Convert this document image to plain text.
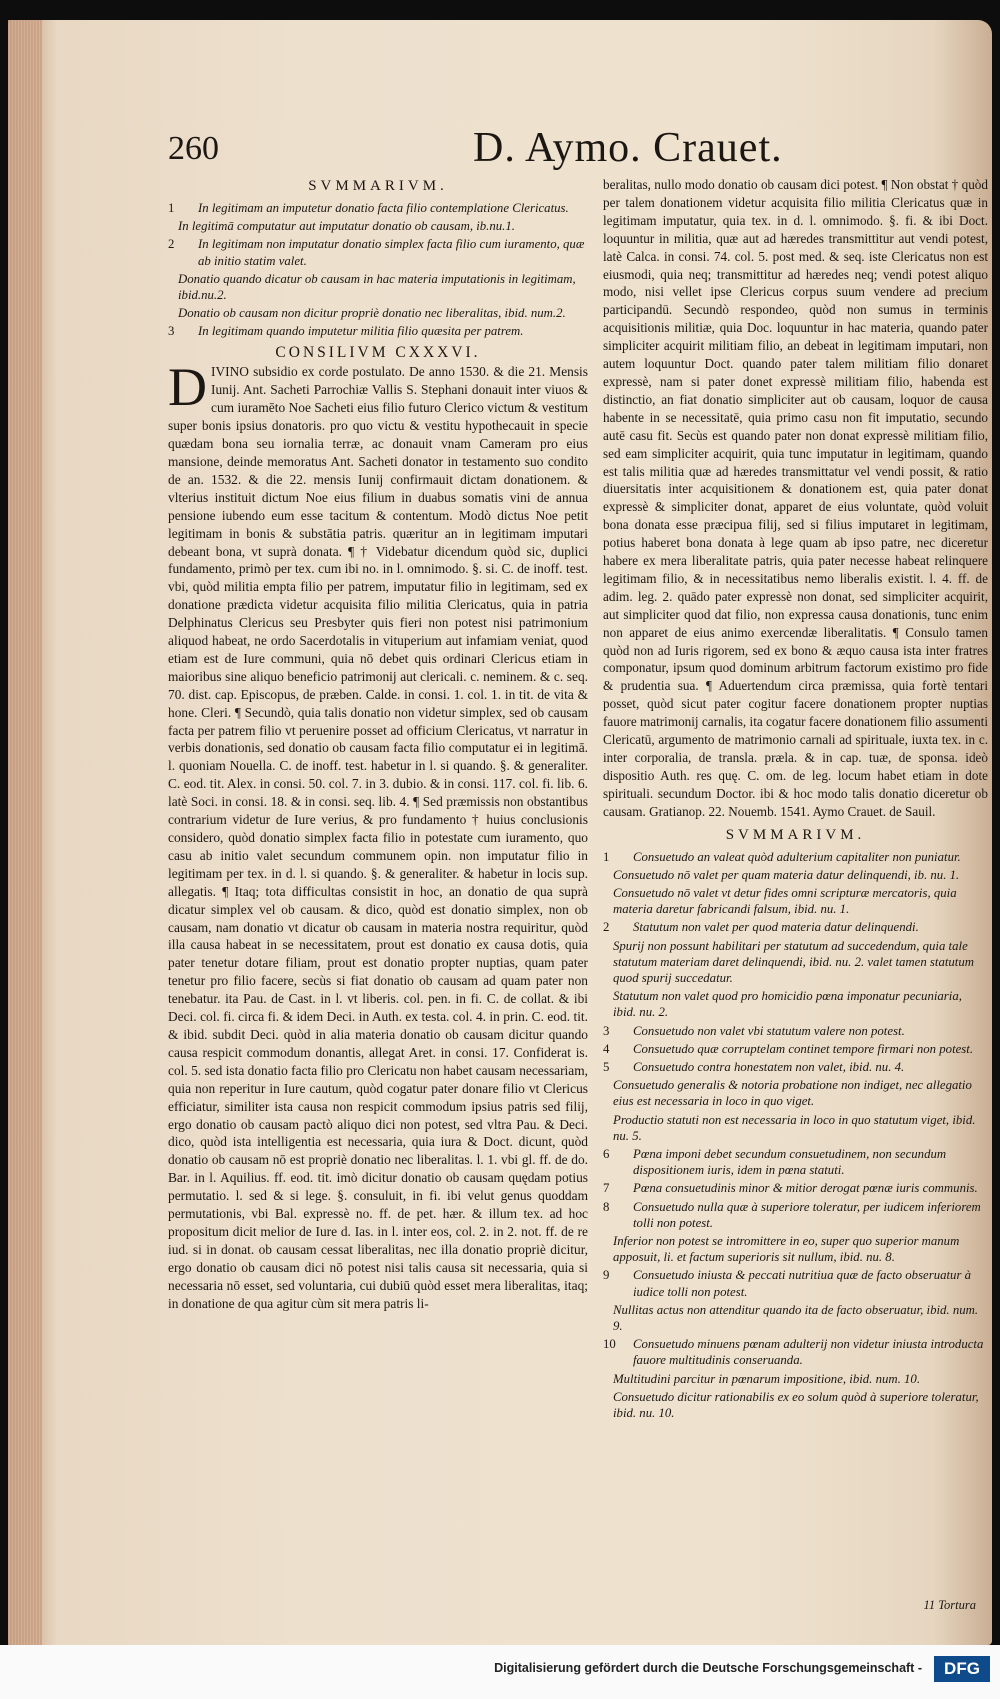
260	D. Aymo. Crauet.
SVMMARIVM.
1 In legitimam an imputetur donatio facta filio contemplatione Clericatus.
In legitimā computatur aut imputatur donatio ob causam, ib.nu.1.
2 In legitimam non imputatur donatio simplex facta filio cum iuramento, quæ ab initio statim valet.
Donatio quando dicatur ob causam in hac materia imputationis in legitimam, ibid.nu.2.
Donatio ob causam non dicitur propriè donatio nec liberalitas, ibid. num.2.
3 In legitimam quando imputetur militia filio quæsita per patrem.
CONSILIVM CXXXVI.
D IVINO subsidio ex corde postulato. De anno 1530. & die 21. Mensis Iunij. Ant. Sacheti Parrochiæ Vallis S. Stephani donauit inter viuos & cum iuramēto Noe Sacheti eius filio futuro Clerico victum & vestitum super bonis ipsius donatoris. pro quo victu & vestitu hypothecauit in specie quædam bona seu iornalia terræ, ac donauit vnam Cameram pro eius mansione, deinde memoratus Ant. Sacheti donator in testamento suo condito de an. 1532. & die 22. mensis Iunij confirmauit dictam donationem. & vlterius instituit dictum Noe eius filium in duabus somatis vini de annua pensione iubendo eum esse tacitum & contentum. Modò dictus Noe petit legitimam in bonis & substātia patris. quæritur an in legitimam imputari debeant bona, vt suprà donata. ¶ † Videbatur dicendum quòd sic, duplici fundamento, primò per tex. cum ibi no. in l. omnimodo. §. si. C. de inoff. test. vbi, quòd militia empta filio per patrem, imputatur filio in legitimam, sed ex donatione prædicta videtur acquisita filio militia Clericatus, quia in patria Delphinatus Clericus seu Presbyter quis fieri non potest nisi patrimonium aliquod habeat, ne ordo Sacerdotalis in vituperium aut infamiam veniat, quod etiam est de Iure communi, quia nō debet quis ordinari Clericus etiam in maioribus sine aliquo beneficio patrimonij aut clericali. c. neminem. & c. seq. 70. dist. cap. Episcopus, de præben. Calde. in consi. 1. col. 1. in tit. de vita & hone. Cleri. ¶ Secundò, quia talis donatio non videtur simplex, sed ob causam facta per patrem filio vt peruenire posset ad officium Clericatus, vt narratur in verbis donationis, sed donatio ob causam facta filio computatur ei in legitimā. l. quoniam Nouella. C. de inoff. test. habetur in l. si quando. §. & generaliter. C. eod. tit. Alex. in consi. 50. col. 7. in 3. dubio. & in consi. 117. col. fi. lib. 6. latè Soci. in consi. 18. & in consi. seq. lib. 4. ¶ Sed præmissis non obstantibus contrarium videtur de Iure verius, & pro fundamento † huius conclusionis considero, quòd donatio simplex facta filio in potestate cum iuramento, quo casu ab initio valet secundum communem opin. non imputatur filio in legitimam per tex. in d. l. si quando. §. & generaliter. & habetur in locis sup. allegatis. ¶ Itaq; tota difficultas consistit in hoc, an donatio de qua suprà dicatur simplex vel ob causam. & dico, quòd est donatio simplex, non ob causam, nam donatio vt dicatur ob causam in materia nostra requiritur, quòd illa causa habeat in se necessitatem, prout est donatio ex causa dotis, quia pater tenetur dotare filiam, prout est donatio propter nuptias, quam pater tenetur pro filio facere, secùs si fiat donatio ob causam ad quam pater non tenebatur. ita Pau. de Cast. in l. vt liberis. col. pen. in fi. C. de collat. & ibi Deci. col. fi. circa fi. & idem Deci. in Auth. ex testa. col. 4. in prin. C. eod. tit. & ibid. subdit Deci. quòd in alia materia donatio ob causam dicitur quando causa respicit commodum donantis, allegat Aret. in consi. 17. Confiderat is. col. 5. sed ista donatio facta filio pro Clericatu non habet causam necessariam, quia non reperitur in Iure cautum, quòd cogatur pater donare filio vt Clericus efficiatur, similiter ista causa non respicit commodum ipsius patris sed filij, ergo donatio ob causam pactò aliquo dici non potest, sed vltra Pau. & Deci. dico, quòd ista intelligentia est necessaria, quia iura & Doct. dicunt, quòd donatio ob causam nō est propriè donatio nec liberalitas. l. 1. vbi gl. ff. de do. Bar. in l. Aquilius. ff. eod. tit. imò dicitur donatio ob causam quędam potius permutatio. l. sed & si lege. §. consuluit, in fi. ibi velut genus quoddam permutationis, vbi Bal. expressè no. ff. de pet. hær. & illum tex. ad hoc propositum dicit melior de Iure d. Ias. in l. inter eos, col. 2. in 2. not. ff. de re iud. si in donat. ob causam cessat liberalitas, nec illa donatio propriè dicitur, ergo donatio ob causam dici nō potest nisi talis causa sit necessaria, quia si necessaria nō esset, sed voluntaria, cui dubiū quòd esset mera liberalitas, itaq; in donatione de qua agitur cùm sit mera patris li-
beralitas, nullo modo donatio ob causam dici potest. ¶ Non obstat † quòd per talem donationem videtur acquisita filio militia Clericatus quæ in legitimam imputatur, quia tex. in d. l. omnimodo. §. fi. & ibi Doct. loquuntur in militia, quæ aut ad hæredes transmittitur aut vendi potest, latè Calca. in consi. 74. col. 5. post med. & seq. iste Clericatus non est eiusmodi, quia neq; transmittitur ad hæredes neq; vendi potest aliquo modo, nisi vellet ipse Clericus corpus suum vendere ad precium participandū. Secundò respondeo, quòd non sumus in terminis acquisitionis militiæ, quia Doc. loquuntur in hac materia, quando pater simpliciter acquirit militiam filio, an debeat in legitimam imputari, non autem loquuntur Doct. quando pater talem militiam filio donaret expressè, nam si pater donet expressè militiam filio, habenda est distinctio, an fiat donatio simpliciter aut ob causam, loquor de causa habente in se necessitatē, quia primo casu non fit imputatio, secundo autē casu fit. Secùs est quando pater non donat expressè militiam filio, sed eam simpliciter acquirit, quia tunc imputatur in legitimam, quando est talis militia quæ ad hæredes transmittatur vel vendi possit, & ratio diuersitatis inter acquisitionem & donationem est, quia pater donat expressè & simpliciter donat, apparet de eius voluntate, quòd voluit bona donata esse præcipua filij, sed si filius imputaret in legitimam, potius haberet bona donata à lege quam ab ipso patre, nec diceretur habere ex mera liberalitate patris, quia pater necesse habeat relinquere legitimam filio, & in necessitatibus nemo liberalis existit. l. 4. ff. de adim. leg. 2. quādo pater expressè non donat, sed simpliciter acquirit, aut simpliciter quod dat filio, non expressa causa donationis, tunc enim non apparet de eius animo exercendæ liberalitatis. ¶ Consulo tamen quòd non ad Iuris rigorem, sed ex bono & æquo causa ista inter fratres componatur, ipsum quod dominum arbitrum factorum existimo pro fide & prudentia sua. ¶ Aduertendum circa præmissa, quia fortè tentari posset, quòd sicut pater cogitur facere donationem propter nuptias fauore matrimonij carnalis, ita cogatur facere donationem filio assumenti Clericatū, argumento de matrimonio carnali ad spirituale, iuxta tex. in c. inter corporalia, de transla. præla. & in cap. tuæ, de sponsa. ideò dispositio Auth. res quę. C. om. de leg. locum habet etiam in dote spirituali. secundum Doctor. ibi & hoc modo talis donatio diceretur ob causam. Gratianop. 22. Nouemb. 1541. Aymo Crauet. de Sauil.
SVMMARIVM.
1 Consuetudo an valeat quòd adulterium capitaliter non puniatur.
Consuetudo nō valet per quam materia datur delinquendi, ib. nu. 1.
Consuetudo nō valet vt detur fides omni scripturæ mercatoris, quia materia daretur fabricandi falsum, ibid. nu. 1.
2 Statutum non valet per quod materia datur delinquendi.
Spurij non possunt habilitari per statutum ad succedendum, quia tale statutum materiam daret delinquendi, ibid. nu. 2. valet tamen statutum quod spurij succedatur.
Statutum non valet quod pro homicidio pœna imponatur pecuniaria, ibid. nu. 2.
3 Consuetudo non valet vbi statutum valere non potest.
4 Consuetudo quæ corruptelam continet tempore firmari non potest.
5 Consuetudo contra honestatem non valet, ibid. nu. 4.
Consuetudo generalis & notoria probatione non indiget, nec allegatio eius est necessaria in loco in quo viget.
Productio statuti non est necessaria in loco in quo statutum viget, ibid. nu. 5.
6 Pœna imponi debet secundum consuetudinem, non secundum dispositionem iuris, idem in pœna statuti.
7 Pœna consuetudinis minor & mitior derogat pœnæ iuris communis.
8 Consuetudo nulla quæ à superiore toleratur, per iudicem inferiorem tolli non potest.
Inferior non potest se intromittere in eo, super quo superior manum apposuit, li. et factum superioris sit nullum, ibid. nu. 8.
9 Consuetudo iniusta & peccati nutritiua quæ de facto obseruatur à iudice tolli non potest.
Nullitas actus non attenditur quando ita de facto obseruatur, ibid. num. 9.
10 Consuetudo minuens pœnam adulterij non videtur iniusta introducta fauore multitudinis conseruanda.
Multitudini parcitur in pœnarum impositione, ibid. num. 10.
Consuetudo dicitur rationabilis ex eo solum quòd à superiore toleratur, ibid. nu. 10.
11 Tortura
Digitalisierung gefördert durch die Deutsche Forschungsgemeinschaft -	DFG
